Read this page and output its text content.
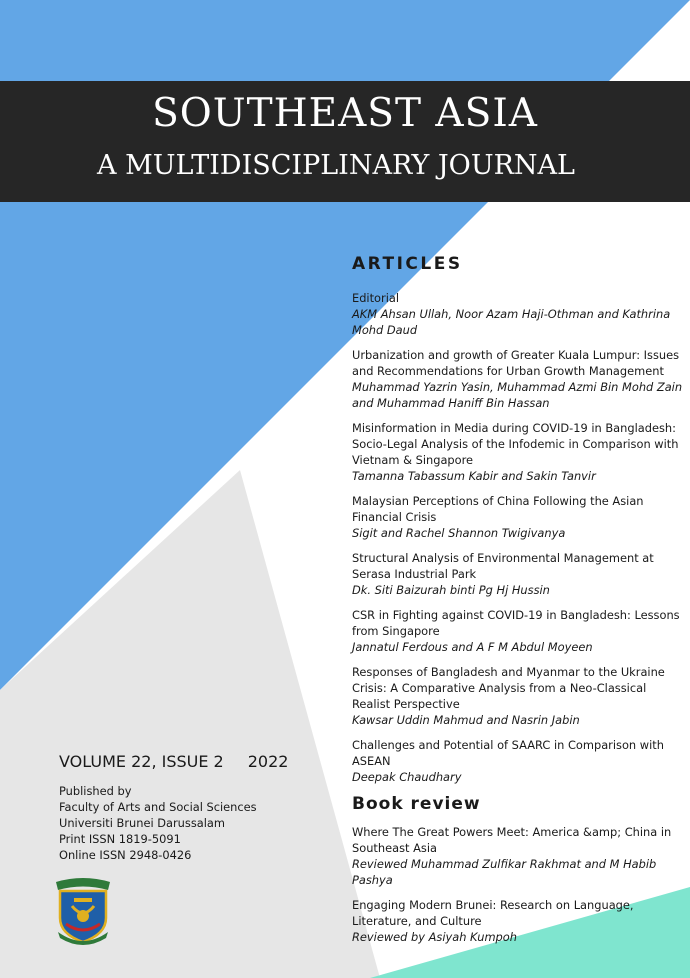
SOUTHEAST ASIA
A MULTIDISCIPLINARY JOURNAL
ARTICLES
Editorial
AKM Ahsan Ullah, Noor Azam Haji-Othman and Kathrina Mohd Daud
Urbanization and growth of Greater Kuala Lumpur: Issues and Recommendations for Urban Growth Management
Muhammad Yazrin Yasin, Muhammad Azmi Bin Mohd Zain and Muhammad Haniff Bin Hassan
Misinformation in Media during COVID-19 in Bangladesh: Socio-Legal Analysis of the Infodemic in Comparison with Vietnam & Singapore
Tamanna Tabassum Kabir and Sakin Tanvir
Malaysian Perceptions of China Following the Asian Financial Crisis
Sigit and Rachel Shannon Twigivanya
Structural Analysis of Environmental Management at Serasa Industrial Park
Dk. Siti Baizurah binti Pg Hj Hussin
CSR in Fighting against COVID-19 in Bangladesh: Lessons from Singapore
Jannatul Ferdous and A F M Abdul Moyeen
Responses of Bangladesh and Myanmar to the Ukraine Crisis: A Comparative Analysis from a Neo-Classical Realist Perspective
Kawsar Uddin Mahmud and Nasrin Jabin
Challenges and Potential of SAARC in Comparison with ASEAN
Deepak Chaudhary
Book review
Where The Great Powers Meet: America &amp; China in Southeast Asia
Reviewed Muhammad Zulfikar Rakhmat and M Habib Pashya
Engaging Modern Brunei: Research on Language, Literature, and Culture
Reviewed by Asiyah Kumpoh
VOLUME 22, ISSUE 2 2022
Published by
Faculty of Arts and Social Sciences
Universiti Brunei Darussalam
Print ISSN 1819-5091
Online ISSN 2948-0426
